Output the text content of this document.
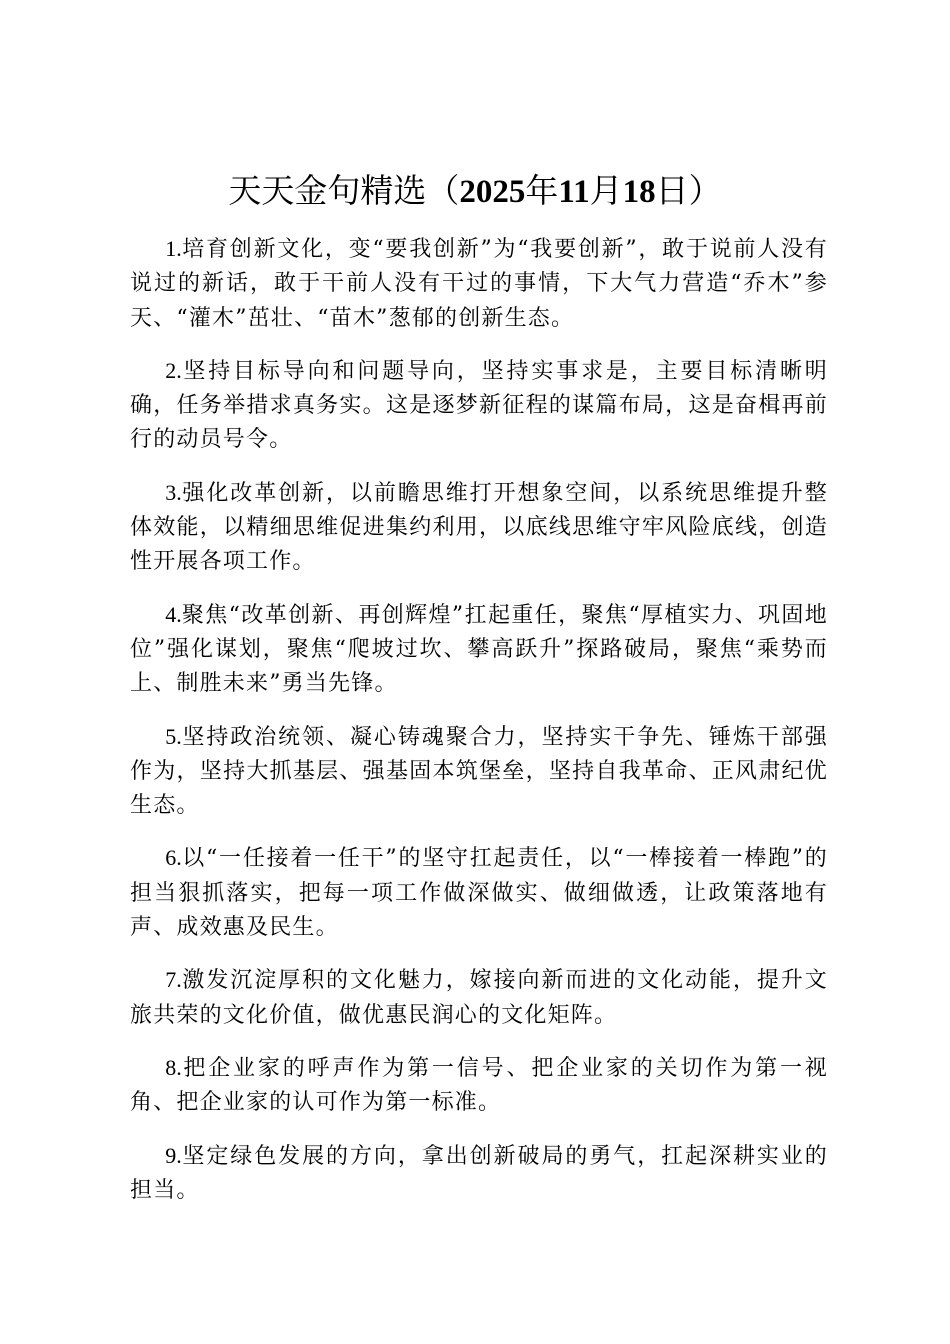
天天金句精选（2025年11月18日）

1.培育创新文化，变“要我创新”为“我要创新”，敢于说前人没有说过的新话，敢于干前人没有干过的事情，下大气力营造“乔木”参天、“灌木”茁壮、“苗木”葱郁的创新生态。

2.坚持目标导向和问题导向，坚持实事求是，主要目标清晰明确，任务举措求真务实。这是逐梦新征程的谋篇布局，这是奋楫再前行的动员号令。

3.强化改革创新，以前瞻思维打开想象空间，以系统思维提升整体效能，以精细思维促进集约利用，以底线思维守牢风险底线，创造性开展各项工作。

4.聚焦“改革创新、再创辉煌”扛起重任，聚焦“厚植实力、巩固地位”强化谋划，聚焦“爬坡过坎、攀高跃升”探路破局，聚焦“乘势而上、制胜未来”勇当先锋。

5.坚持政治统领、凝心铸魂聚合力，坚持实干争先、锤炼干部强作为，坚持大抓基层、强基固本筑堡垒，坚持自我革命、正风肃纪优生态。

6.以“一任接着一任干”的坚守扛起责任，以“一棒接着一棒跑”的担当狠抓落实，把每一项工作做深做实、做细做透，让政策落地有声、成效惠及民生。

7.激发沉淀厚积的文化魅力，嫁接向新而进的文化动能，提升文旅共荣的文化价值，做优惠民润心的文化矩阵。

8.把企业家的呼声作为第一信号、把企业家的关切作为第一视角、把企业家的认可作为第一标准。

9.坚定绿色发展的方向，拿出创新破局的勇气，扛起深耕实业的担当。
